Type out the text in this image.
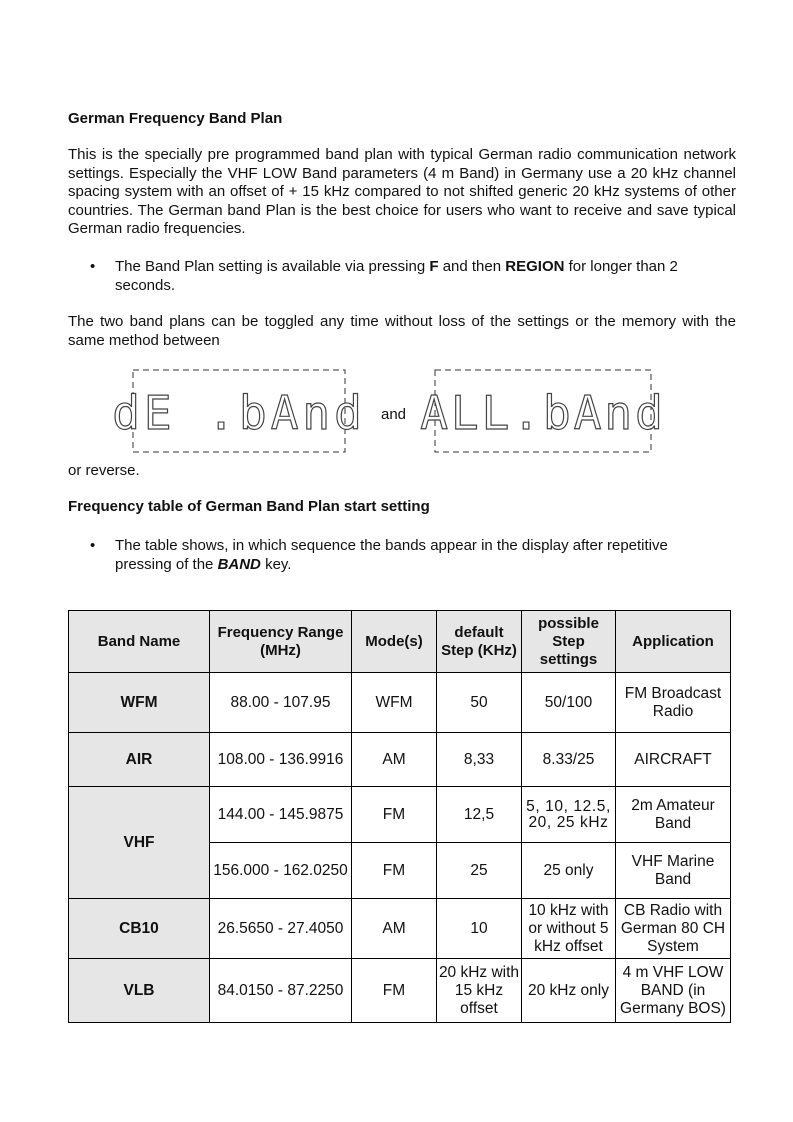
German Frequency Band Plan
This is the specially pre programmed band plan with typical German radio communication network settings. Especially the VHF LOW Band parameters (4 m Band) in Germany use a 20 kHz channel spacing system with an offset of + 15 kHz compared to not shifted generic 20 kHz systems of other countries. The German band Plan is the best choice for users who want to receive and save typical German radio frequencies.
• The Band Plan setting is available via pressing F and then REGION for longer than 2 seconds.
The two band plans can be toggled any time without loss of the settings or the memory with the same method between
dE .bAnd and ALL.bAnd
or reverse.
Frequency table of German Band Plan start setting
• The table shows, in which sequence the bands appear in the display after repetitive pressing of the BAND key.
Band Name	Frequency Range (MHz)	Mode(s)	default Step (KHz)	possible Step settings	Application
WFM	88.00 - 107.95	WFM	50	50/100	FM Broadcast Radio
AIR	108.00 - 136.9916	AM	8,33	8.33/25	AIRCRAFT
VHF	144.00 - 145.9875	FM	12,5	5, 10, 12.5, 20, 25 kHz	2m Amateur Band
	156.000 - 162.0250	FM	25	25 only	VHF Marine Band
CB10	26.5650 - 27.4050	AM	10	10 kHz with or without 5 kHz offset	CB Radio with German 80 CH System
VLB	84.0150 - 87.2250	FM	20 kHz with 15 kHz offset	20 kHz only	4 m VHF LOW BAND (in Germany BOS)
